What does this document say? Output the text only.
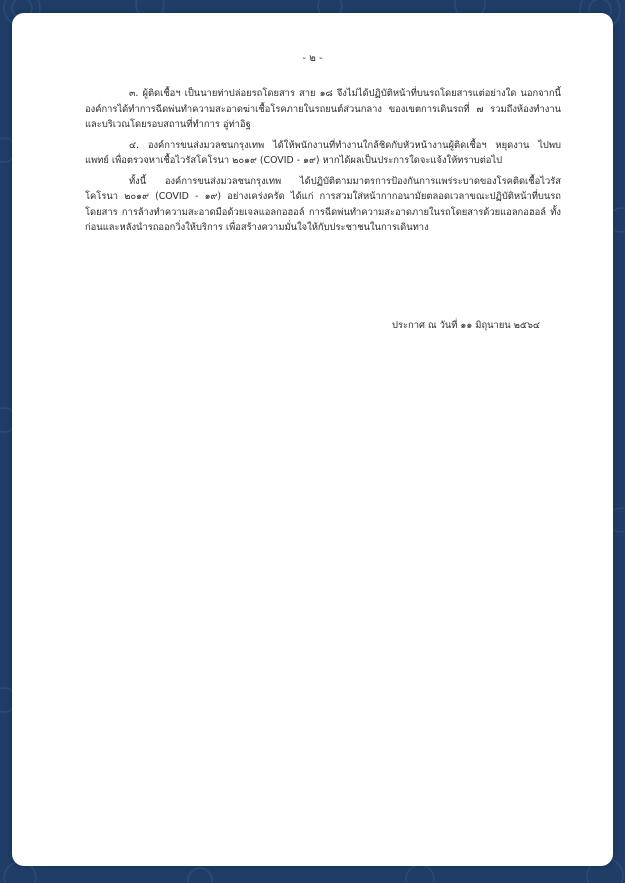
- ๒ -

๓. ผู้ติดเชื้อฯ เป็นนายท่าปล่อยรถโดยสาร สาย ๑๘ จึงไม่ได้ปฏิบัติหน้าที่บนรถโดยสารแต่อย่างใด นอกจากนี้ องค์การได้ทำการฉีดพ่นทำความสะอาดฆ่าเชื้อโรคภายในรถยนต์ส่วนกลาง ของเขตการเดินรถที่ ๗ รวมถึงห้องทำงาน และบริเวณโดยรอบสถานที่ทำการ อู่ท่าอิฐ

๔. องค์การขนส่งมวลชนกรุงเทพ ได้ให้พนักงานที่ทำงานใกล้ชิดกับหัวหน้างานผู้ติดเชื้อฯ หยุดงาน ไปพบแพทย์ เพื่อตรวจหาเชื้อไวรัสโคโรนา ๒๐๑๙ (COVID - ๑๙) หากได้ผลเป็นประการใดจะแจ้งให้ทราบต่อไป

ทั้งนี้ องค์การขนส่งมวลชนกรุงเทพ ได้ปฏิบัติตามมาตรการป้องกันการแพร่ระบาดของโรคติดเชื้อไวรัสโคโรนา ๒๐๑๙ (COVID - ๑๙) อย่างเคร่งครัด ได้แก่ การสวมใส่หน้ากากอนามัยตลอดเวลาขณะปฏิบัติหน้าที่บนรถโดยสาร การล้างทำความสะอาดมือด้วยเจลแอลกอฮอล์ การฉีดพ่นทำความสะอาดภายในรถโดยสารด้วยแอลกอฮอล์ ทั้งก่อนและหลังนำรถออกวิ่งให้บริการ เพื่อสร้างความมั่นใจให้กับประชาชนในการเดินทาง

ประกาศ ณ วันที่ ๑๑ มิถุนายน ๒๕๖๔
